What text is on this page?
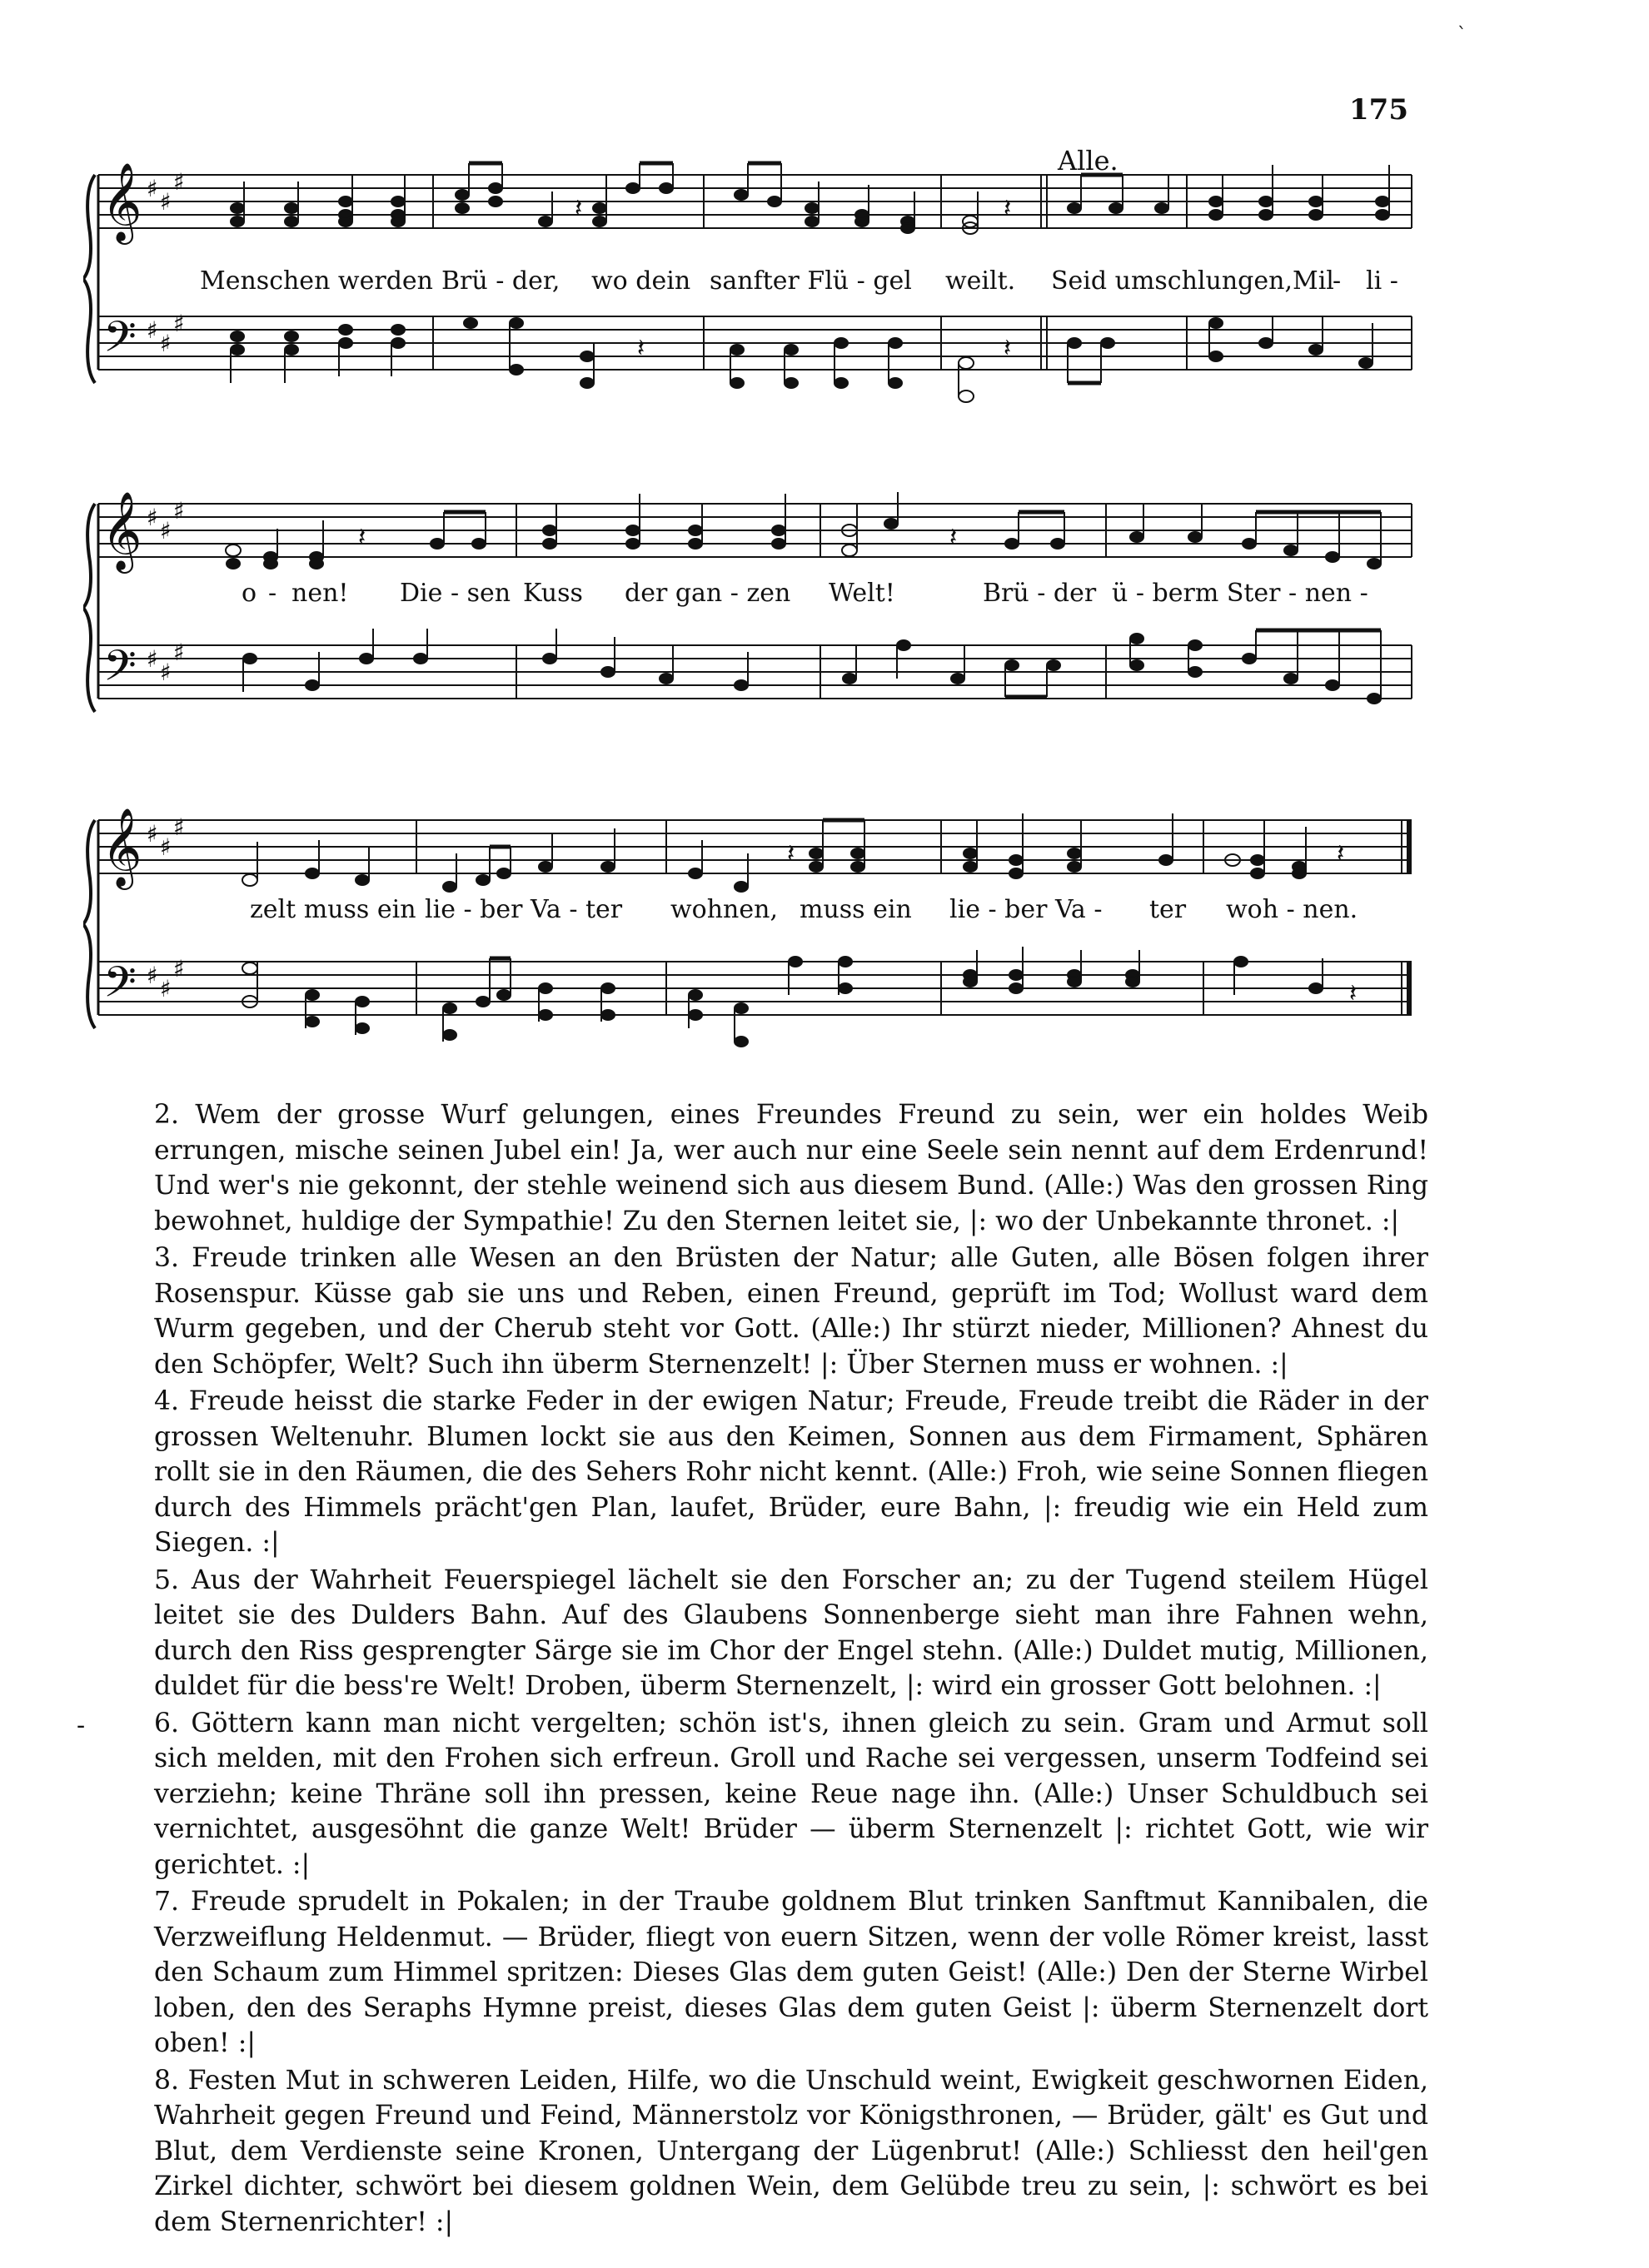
`
175
𝄞
𝄢
♯ ♯
♯
♯ ♯
♯
𝄽	𝄽
𝄽	𝄽
Alle.
Menschen werden Brü - der, wo dein sanfter Flü - gel weilt. Seid umschlungen,Mil
- li -
𝄞
𝄢
♯ ♯
♯
♯ ♯
♯
𝄽	𝄽
o - nen! Die - sen Kuss der gan - zen Welt!	Brü - der ü - berm Ster - nen -
𝄞
𝄢
♯ ♯
♯
♯ ♯
♯
𝄽
𝄽
𝄽
zelt muss ein lie - ber Va - ter wohnen, muss ein lie - ber Va - ter woh - nen.
-

2. Wem der grosse Wurf gelungen, eines Freundes Freund zu sein, wer ein holdes Weib errungen, mische seinen Jubel ein! Ja, wer auch nur eine Seele sein nennt auf dem Erdenrund! Und wer's nie gekonnt, der stehle weinend sich aus diesem Bund. (Alle:) Was den grossen Ring bewohnet, huldige der Sympathie! Zu den Sternen leitet sie, |: wo der Unbekannte thronet. :|

3. Freude trinken alle Wesen an den Brüsten der Natur; alle Guten, alle Bösen folgen ihrer Rosenspur. Küsse gab sie uns und Reben, einen Freund, geprüft im Tod; Wollust ward dem Wurm gegeben, und der Cherub steht vor Gott. (Alle:) Ihr stürzt nieder, Millionen? Ahnest du den Schöpfer, Welt? Such ihn überm Sternenzelt! |: Über Sternen muss er wohnen. :|

4. Freude heisst die starke Feder in der ewigen Natur; Freude, Freude treibt die Räder in der grossen Weltenuhr. Blumen lockt sie aus den Keimen, Sonnen aus dem Firmament, Sphären rollt sie in den Räumen, die des Sehers Rohr nicht kennt. (Alle:) Froh, wie seine Sonnen fliegen durch des Himmels prächt'gen Plan, laufet, Brüder, eure Bahn, |: freudig wie ein Held zum Siegen. :|

5. Aus der Wahrheit Feuerspiegel lächelt sie den Forscher an; zu der Tugend steilem Hügel leitet sie des Dulders Bahn. Auf des Glaubens Sonnenberge sieht man ihre Fahnen wehn, durch den Riss gesprengter Särge sie im Chor der Engel stehn. (Alle:) Duldet mutig, Millionen, duldet für die bess're Welt! Droben, überm Sternenzelt, |: wird ein grosser Gott belohnen. :|

6. Göttern kann man nicht vergelten; schön ist's, ihnen gleich zu sein. Gram und Armut soll sich melden, mit den Frohen sich erfreun. Groll und Rache sei vergessen, unserm Todfeind sei verziehn; keine Thräne soll ihn pressen, keine Reue nage ihn. (Alle:) Unser Schuldbuch sei vernichtet, ausgesöhnt die ganze Welt! Brüder — überm Sternenzelt |: richtet Gott, wie wir gerichtet. :|

7. Freude sprudelt in Pokalen; in der Traube goldnem Blut trinken Sanftmut Kannibalen, die Verzweiflung Heldenmut. — Brüder, fliegt von euern Sitzen, wenn der volle Römer kreist, lasst den Schaum zum Himmel spritzen: Dieses Glas dem guten Geist! (Alle:) Den der Sterne Wirbel loben, den des Seraphs Hymne preist, dieses Glas dem guten Geist |: überm Sternenzelt dort oben! :|

8. Festen Mut in schweren Leiden, Hilfe, wo die Unschuld weint, Ewigkeit geschwornen Eiden, Wahrheit gegen Freund und Feind, Männerstolz vor Königsthronen, — Brüder, gält' es Gut und Blut, dem Verdienste seine Kronen, Untergang der Lügenbrut! (Alle:) Schliesst den heil'gen Zirkel dichter, schwört bei diesem goldnen Wein, dem Gelübde treu zu sein, |: schwört es bei dem Sternenrichter! :|
